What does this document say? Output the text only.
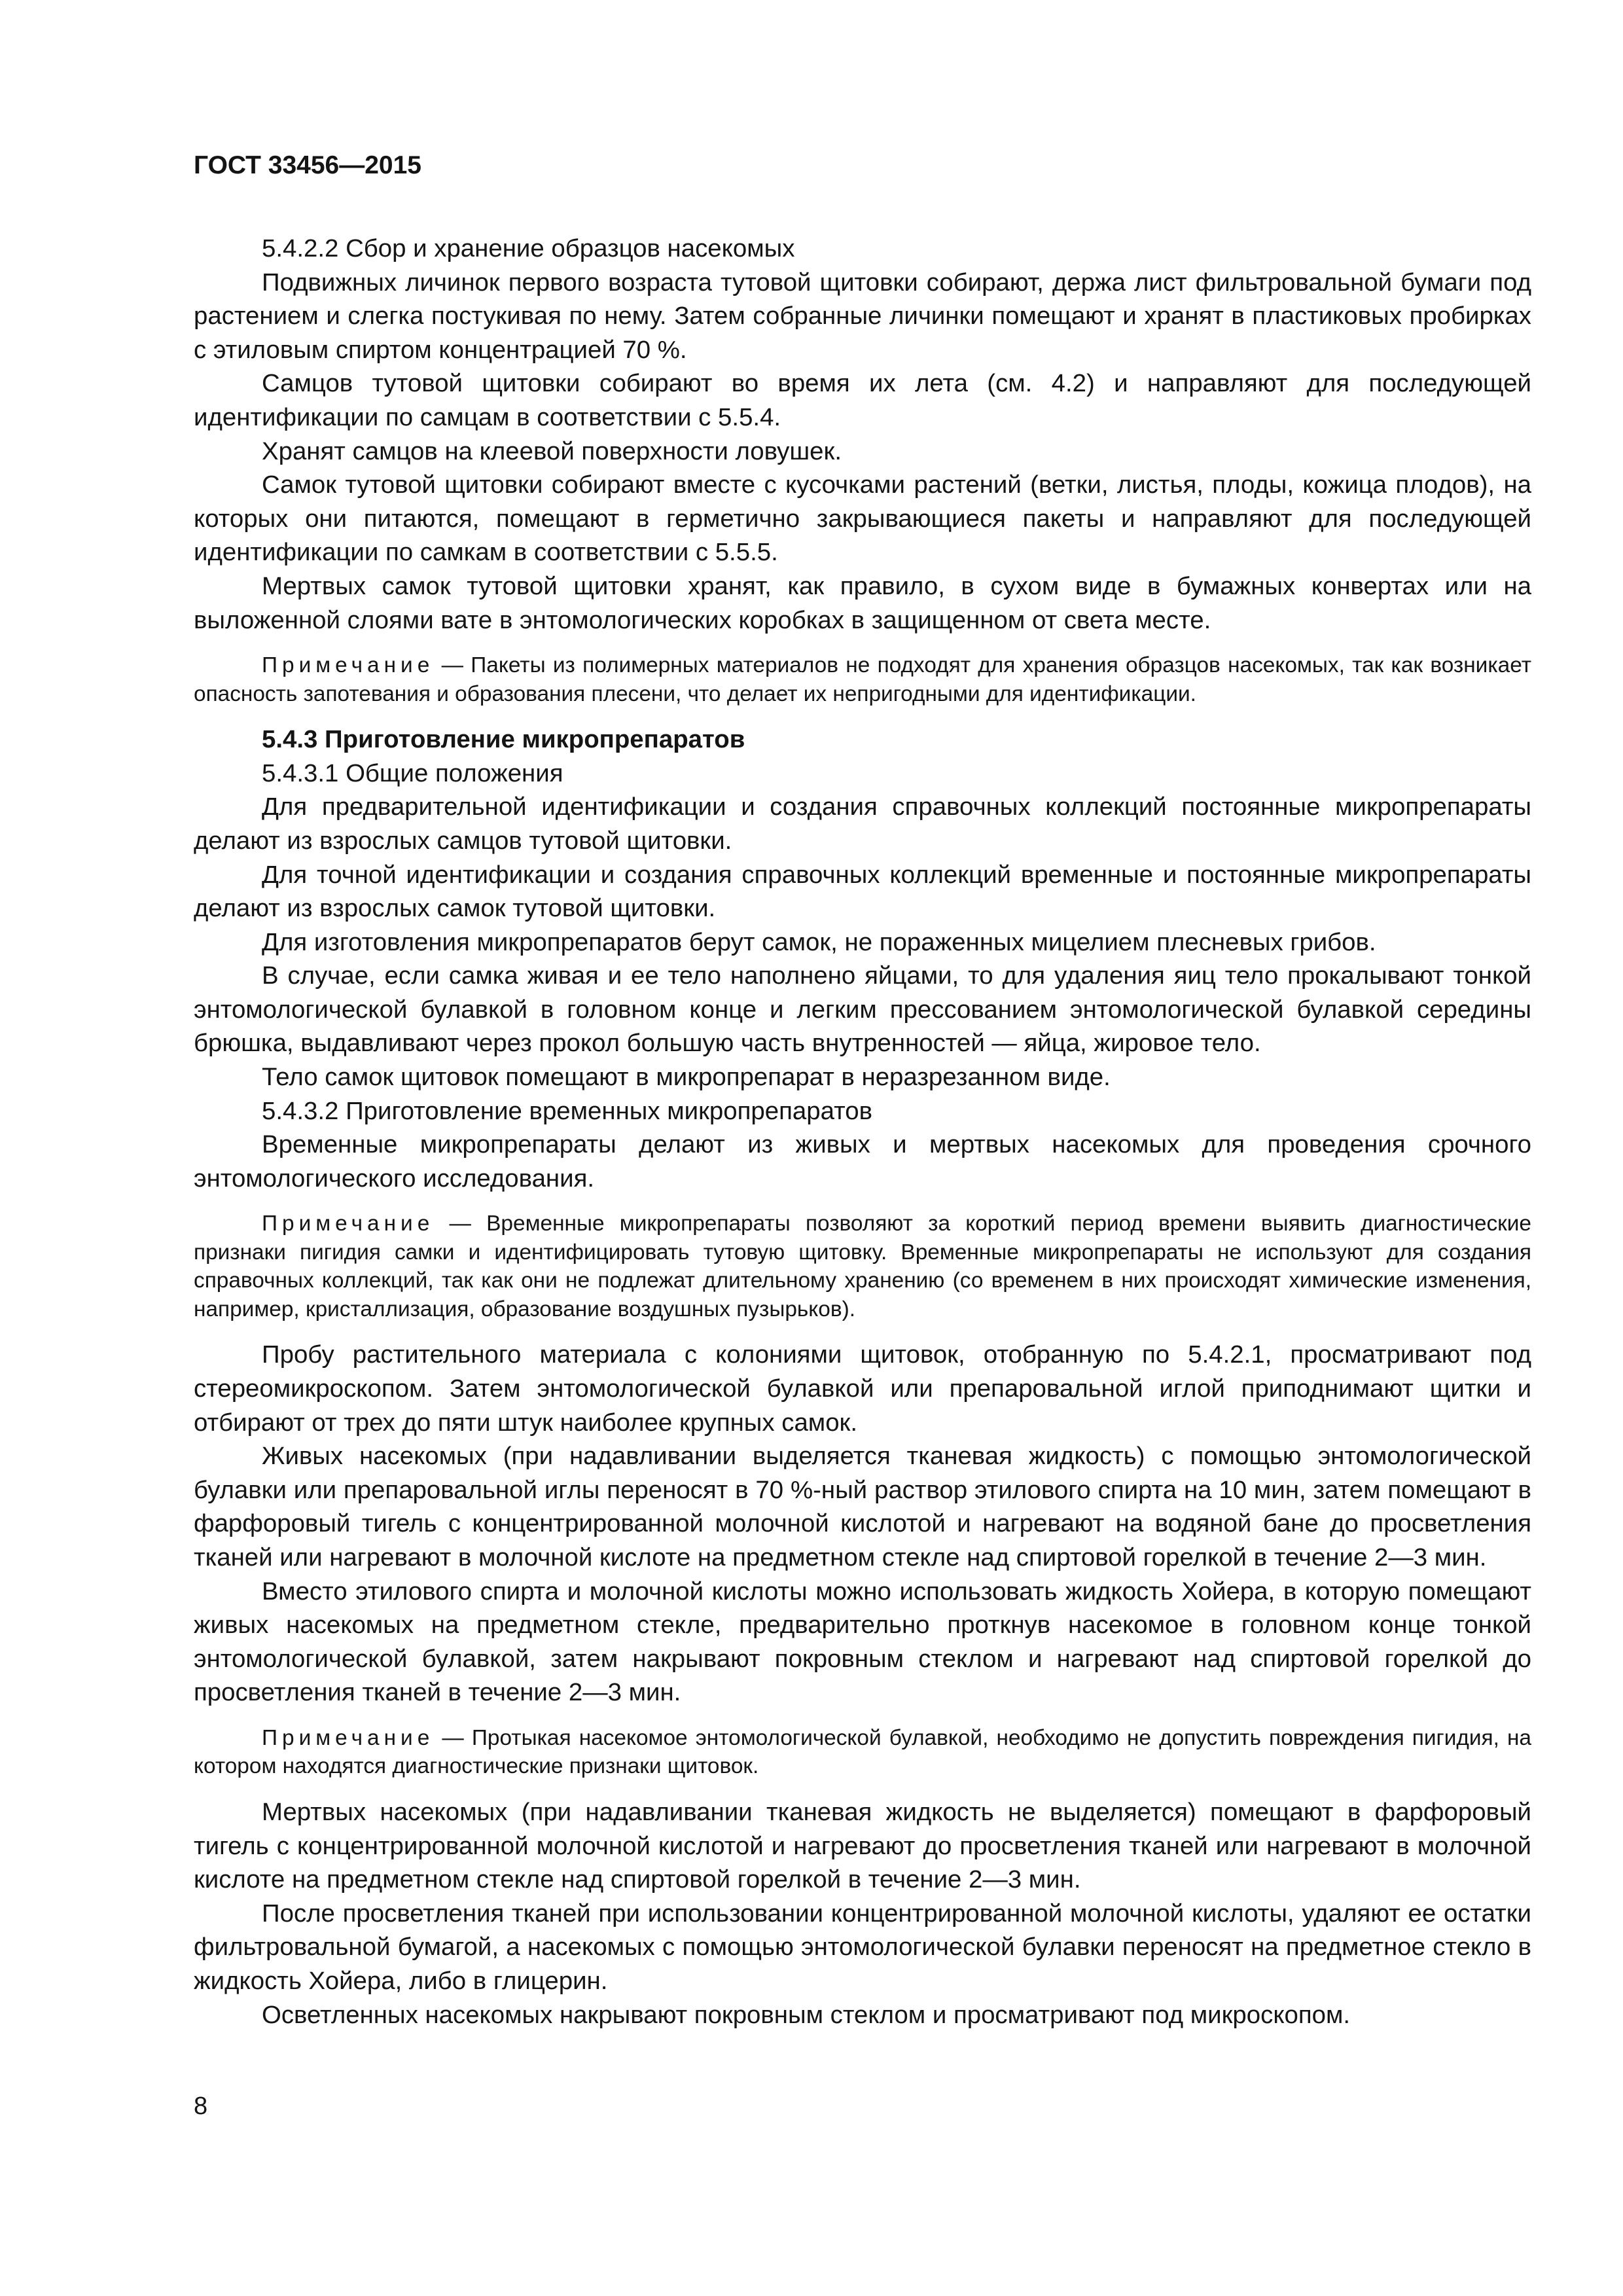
ГОСТ 33456—2015

5.4.2.2 Сбор и хранение образцов насекомых

Подвижных личинок первого возраста тутовой щитовки собирают, держа лист фильтровальной бумаги под растением и слегка постукивая по нему. Затем собранные личинки помещают и хранят в пластиковых пробирках с этиловым спиртом концентрацией 70 %.

Самцов тутовой щитовки собирают во время их лета (см. 4.2) и направляют для последующей идентификации по самцам в соответствии с 5.5.4.

Хранят самцов на клеевой поверхности ловушек.

Самок тутовой щитовки собирают вместе с кусочками растений (ветки, листья, плоды, кожица плодов), на которых они питаются, помещают в герметично закрывающиеся пакеты и направляют для последующей идентификации по самкам в соответствии с 5.5.5.

Мертвых самок тутовой щитовки хранят, как правило, в сухом виде в бумажных конвертах или на выложенной слоями вате в энтомологических коробках в защищенном от света месте.

Примечание — Пакеты из полимерных материалов не подходят для хранения образцов насекомых, так как возникает опасность запотевания и образования плесени, что делает их непригодными для идентификации.

5.4.3 Приготовление микропрепаратов

5.4.3.1 Общие положения

Для предварительной идентификации и создания справочных коллекций постоянные микропрепараты делают из взрослых самцов тутовой щитовки.

Для точной идентификации и создания справочных коллекций временные и постоянные микропрепараты делают из взрослых самок тутовой щитовки.

Для изготовления микропрепаратов берут самок, не пораженных мицелием плесневых грибов.

В случае, если самка живая и ее тело наполнено яйцами, то для удаления яиц тело прокалывают тонкой энтомологической булавкой в головном конце и легким прессованием энтомологической булавкой середины брюшка, выдавливают через прокол большую часть внутренностей — яйца, жировое тело.

Тело самок щитовок помещают в микропрепарат в неразрезанном виде.

5.4.3.2 Приготовление временных микропрепаратов

Временные микропрепараты делают из живых и мертвых насекомых для проведения срочного энтомологического исследования.

Примечание — Временные микропрепараты позволяют за короткий период времени выявить диагностические признаки пигидия самки и идентифицировать тутовую щитовку. Временные микропрепараты не используют для создания справочных коллекций, так как они не подлежат длительному хранению (со временем в них происходят химические изменения, например, кристаллизация, образование воздушных пузырьков).

Пробу растительного материала с колониями щитовок, отобранную по 5.4.2.1, просматривают под стереомикроскопом. Затем энтомологической булавкой или препаровальной иглой приподнимают щитки и отбирают от трех до пяти штук наиболее крупных самок.

Живых насекомых (при надавливании выделяется тканевая жидкость) с помощью энтомологической булавки или препаровальной иглы переносят в 70 %-ный раствор этилового спирта на 10 мин, затем помещают в фарфоровый тигель с концентрированной молочной кислотой и нагревают на водяной бане до просветления тканей или нагревают в молочной кислоте на предметном стекле над спиртовой горелкой в течение 2—3 мин.

Вместо этилового спирта и молочной кислоты можно использовать жидкость Хойера, в которую помещают живых насекомых на предметном стекле, предварительно проткнув насекомое в головном конце тонкой энтомологической булавкой, затем накрывают покровным стеклом и нагревают над спиртовой горелкой до просветления тканей в течение 2—3 мин.

Примечание — Протыкая насекомое энтомологической булавкой, необходимо не допустить повреждения пигидия, на котором находятся диагностические признаки щитовок.

Мертвых насекомых (при надавливании тканевая жидкость не выделяется) помещают в фарфоровый тигель с концентрированной молочной кислотой и нагревают до просветления тканей или нагревают в молочной кислоте на предметном стекле над спиртовой горелкой в течение 2—3 мин.

После просветления тканей при использовании концентрированной молочной кислоты, удаляют ее остатки фильтровальной бумагой, а насекомых с помощью энтомологической булавки переносят на предметное стекло в жидкость Хойера, либо в глицерин.

Осветленных насекомых накрывают покровным стеклом и просматривают под микроскопом.

8
